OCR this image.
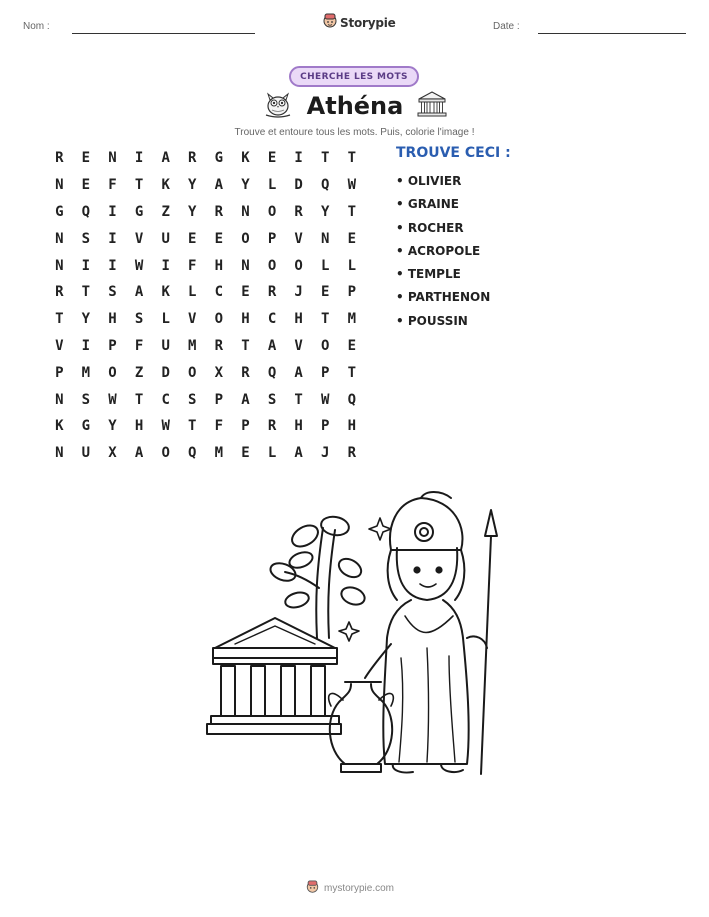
Nom :	Storypie	Date :
CHERCHE LES MOTS
Athéna
Trouve et entoure tous les mots. Puis, colorie l'image !
R	E	N	I	A	R	G	K	E	I	T	T
N	E	F	T	K	Y	A	Y	L	D	Q	W
G	Q	I	G	Z	Y	R	N	O	R	Y	T
N	S	I	V	U	E	E	O	P	V	N	E
N	I	I	W	I	F	H	N	O	O	L	L
R	T	S	A	K	L	C	E	R	J	E	P
T	Y	H	S	L	V	O	H	C	H	T	M
V	I	P	F	U	M	R	T	A	V	O	E
P	M	O	Z	D	O	X	R	Q	A	P	T
N	S	W	T	C	S	P	A	S	T	W	Q
K	G	Y	H	W	T	F	P	R	H	P	H
N	U	X	A	O	Q	M	E	L	A	J	R
TROUVE CECI :
• OLIVIER
• GRAINE
• ROCHER
• ACROPOLE
• TEMPLE
• PARTHENON
• POUSSIN
mystorypie.com
